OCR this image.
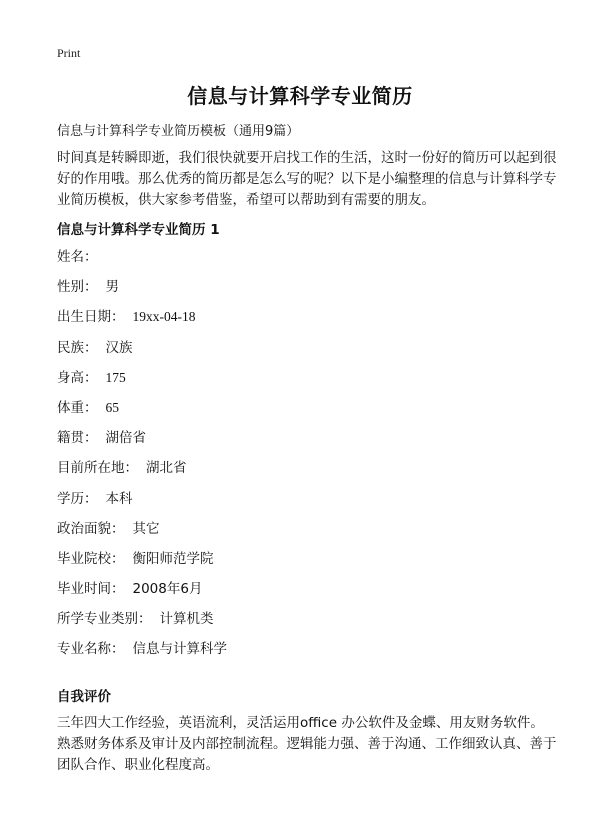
Print
信息与计算科学专业简历
信息与计算科学专业简历模板（通用9篇）
时间真是转瞬即逝，我们很快就要开启找工作的生活，这时一份好的简历可以起到很好的作用哦。那么优秀的简历都是怎么写的呢？以下是小编整理的信息与计算科学专业简历模板，供大家参考借鉴，希望可以帮助到有需要的朋友。
信息与计算科学专业简历 1
姓名：
性别： 男
出生日期： 19xx-04-18
民族： 汉族
身高： 175
体重： 65
籍贯： 湖倍省
目前所在地： 湖北省
学历： 本科
政治面貌： 其它
毕业院校： 衡阳师范学院
毕业时间： 2008年6月
所学专业类别： 计算机类
专业名称： 信息与计算科学
自我评价
三年四大工作经验，英语流利，灵活运用office 办公软件及金蝶、用友财务软件。熟悉财务体系及审计及内部控制流程。逻辑能力强、善于沟通、工作细致认真、善于团队合作、职业化程度高。
